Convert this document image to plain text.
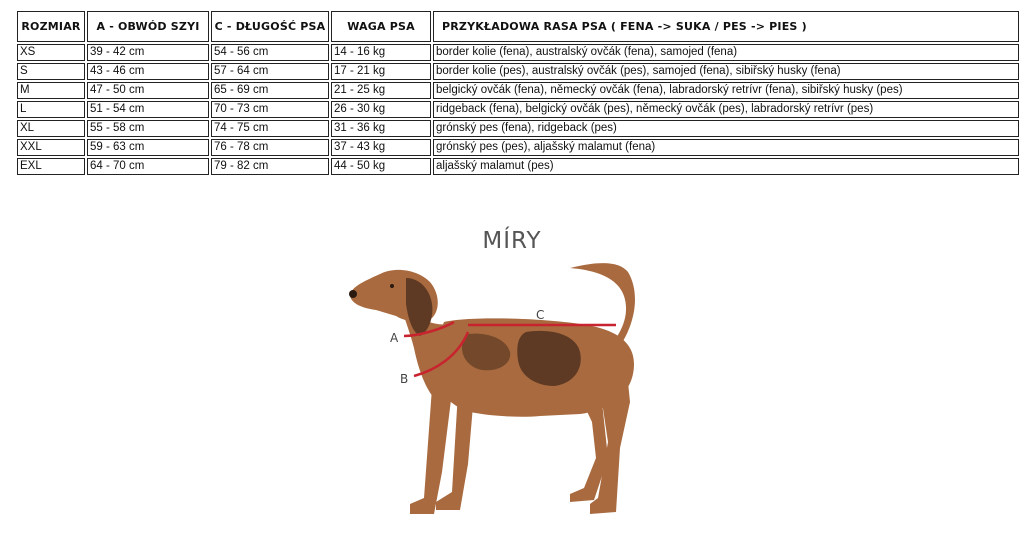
ROZMIAR	A - OBWÓD SZYI	C - DŁUGOŚĆ PSA	WAGA PSA	PRZYKŁADOWA RASA PSA ( FENA -> SUKA / PES -> PIES )
XS	39 - 42 cm	54 - 56 cm	14 - 16 kg	border kolie (fena), australský ovčák (fena), samojed (fena)
S	43 - 46 cm	57 - 64 cm	17 - 21 kg	border kolie (pes), australský ovčák (pes), samojed (fena), sibiřský husky (fena)
M	47 - 50 cm	65 - 69 cm	21 - 25 kg	belgický ovčák (fena), německý ovčák (fena), labradorský retrívr (fena), sibiřský husky (pes)
L	51 - 54 cm	70 - 73 cm	26 - 30 kg	ridgeback (fena), belgický ovčák (pes), německý ovčák (pes), labradorský retrívr (pes)
XL	55 - 58 cm	74 - 75 cm	31 - 36 kg	grónský pes (fena), ridgeback (pes)
XXL	59 - 63 cm	76 - 78 cm	37 - 43 kg	grónský pes (pes), aljašský malamut (fena)
EXL	64 - 70 cm	79 - 82 cm	44 - 50 kg	aljašský malamut (pes)
MÍRY
A
B
C
